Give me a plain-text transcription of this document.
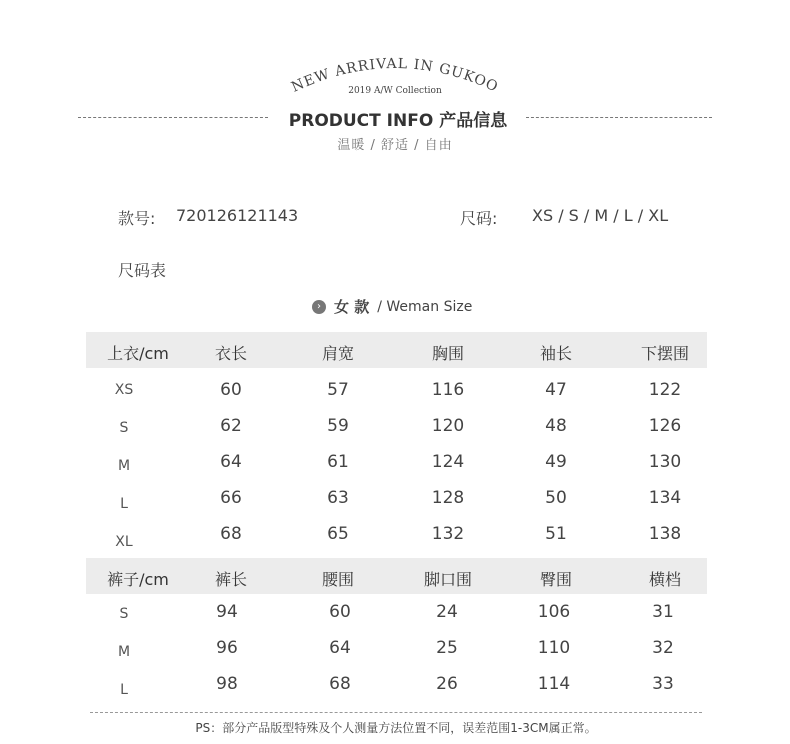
NEW ARRIVAL IN GUKOO
2019 A/W Collection
PRODUCT INFO 产品信息
温暖 / 舒适 / 自由
款号: 720126121143	尺码: XS / S / M / L / XL
尺码表
› 女 款 / Weman Size
上衣/cm	衣长	肩宽	胸围	袖长	下摆围
XS	60	57	116	47	122
S	62	59	120	48	126
M	64	61	124	49	130
L	66	63	128	50	134
XL	68	65	132	51	138
裤子/cm	裤长	腰围	脚口围	臀围	横档
S	94	60	24	106	31
M	96	64	25	110	32
L	98	68	26	114	33
PS：部分产品版型特殊及个人测量方法位置不同，误差范围1-3CM属正常。
